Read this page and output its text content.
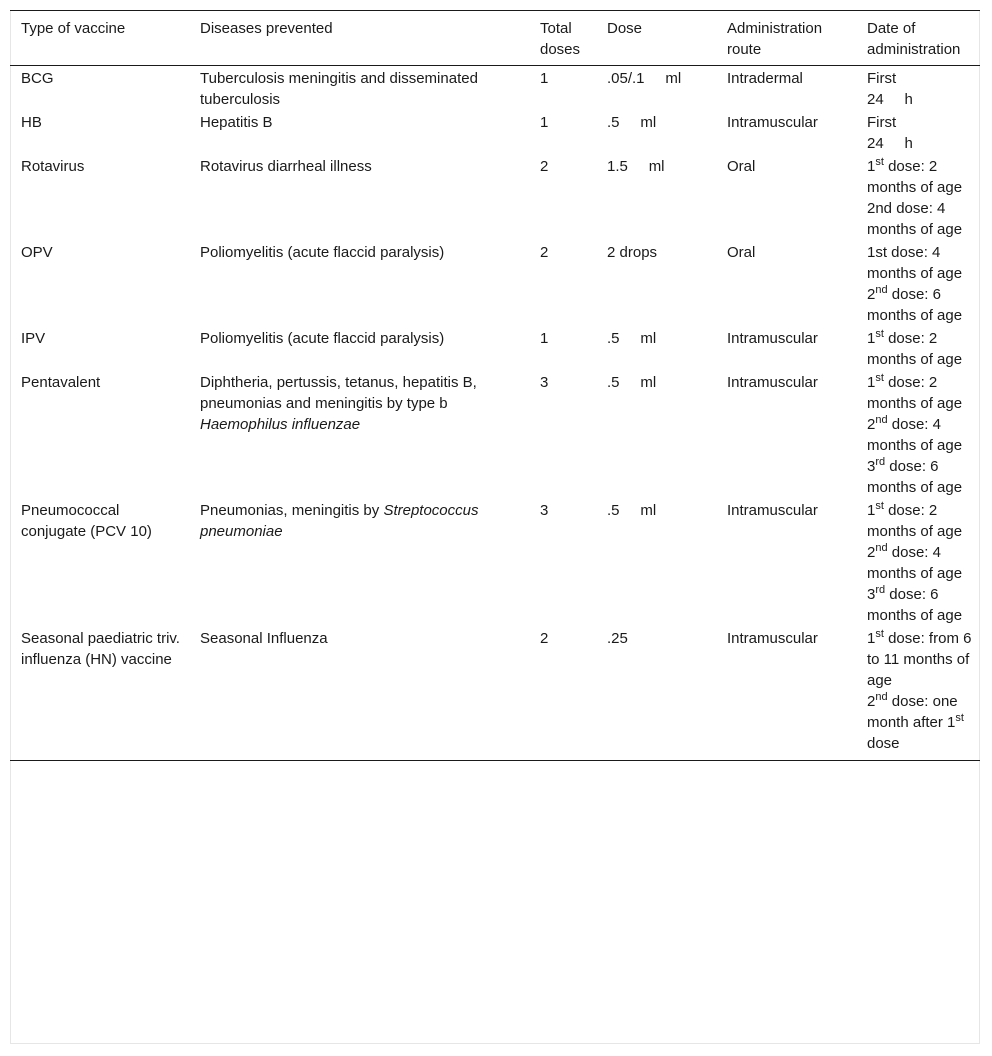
Type of vaccine	Diseases prevented	Total doses	Dose	Administration route	Date of administration
BCG	Tuberculosis meningitis and disseminated tuberculosis	1	.05/.1     ml	Intradermal	First
24     h

HB	Hepatitis B	1	.5     ml	Intramuscular	First
24     h

Rotavirus	Rotavirus diarrheal illness	2	1.5     ml	Oral	1st dose: 2 months of age
2nd dose: 4 months of age

OPV	Poliomyelitis (acute flaccid paralysis)	2	2 drops	Oral	1st dose: 4 months of age 2nd dose: 6 months of age

IPV	Poliomyelitis (acute flaccid paralysis)	1	.5     ml	Intramuscular	1st dose: 2 months of age

Pentavalent	Diphtheria, pertussis, tetanus, hepatitis B, pneumonias and meningitis by type b Haemophilus influenzae	3	.5     ml	Intramuscular	1st dose: 2 months of age
2nd dose: 4 months of age
3rd dose: 6 months of age

Pneumococcal conjugate (PCV 10)	Pneumonias, meningitis by Streptococcus pneumoniae	3	.5     ml	Intramuscular	1st dose: 2 months of age
2nd dose: 4 months of age
3rd dose: 6 months of age

Seasonal paediatric triv. influenza (HN) vaccine	Seasonal Influenza	2	.25	Intramuscular	1st dose: from 6 to 11 months of age
2nd dose: one month after 1st dose
